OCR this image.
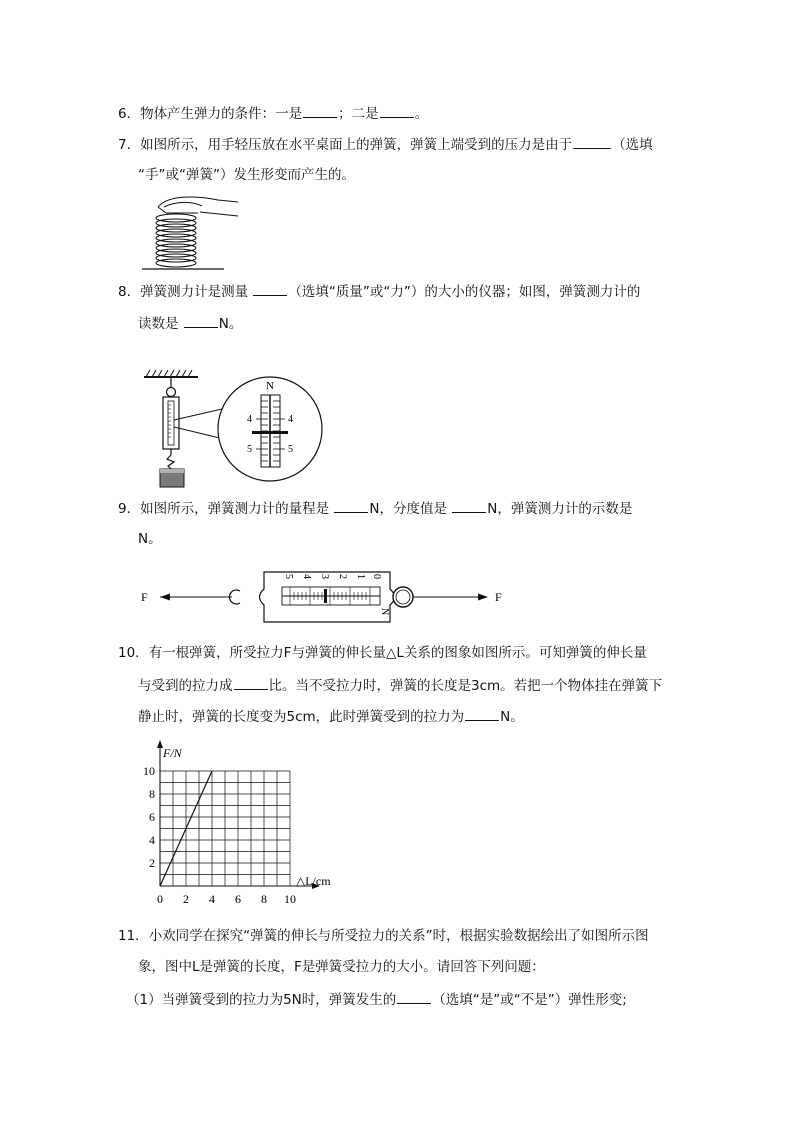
6．物体产生弹力的条件：一是	；二是	。
7．如图所示，用手轻压放在水平桌面上的弹簧，弹簧上端受到的压力是由于	（选填
“手”或“弹簧”）发生形变而产生的。
8．弹簧测力计是测量	（选填“质量”或“力”）的大小的仪器；如图，弹簧测力计的
读数是	N。
N
4	4
5	5
9．如图所示，弹簧测力计的量程是	N，分度值是	N，弹簧测力计的示数是
N。
F	F
5 4 3 2 1 0
N
10．有一根弹簧，所受拉力F与弹簧的伸长量△L关系的图象如图所示。可知弹簧的伸长量
与受到的拉力成	比。当不受拉力时，弹簧的长度是3cm。若把一个物体挂在弹簧下
静止时，弹簧的长度变为5cm，此时弹簧受到的拉力为	N。
0 2 4 6 8 10
2
4
6
8
10
F/N
△L/cm
11．小欢同学在探究“弹簧的伸长与所受拉力的关系”时，根据实验数据绘出了如图所示图
象，图中L是弹簧的长度，F是弹簧受拉力的大小。请回答下列问题：
（1）当弹簧受到的拉力为5N时，弹簧发生的	（选填“是”或“不是”）弹性形变;
